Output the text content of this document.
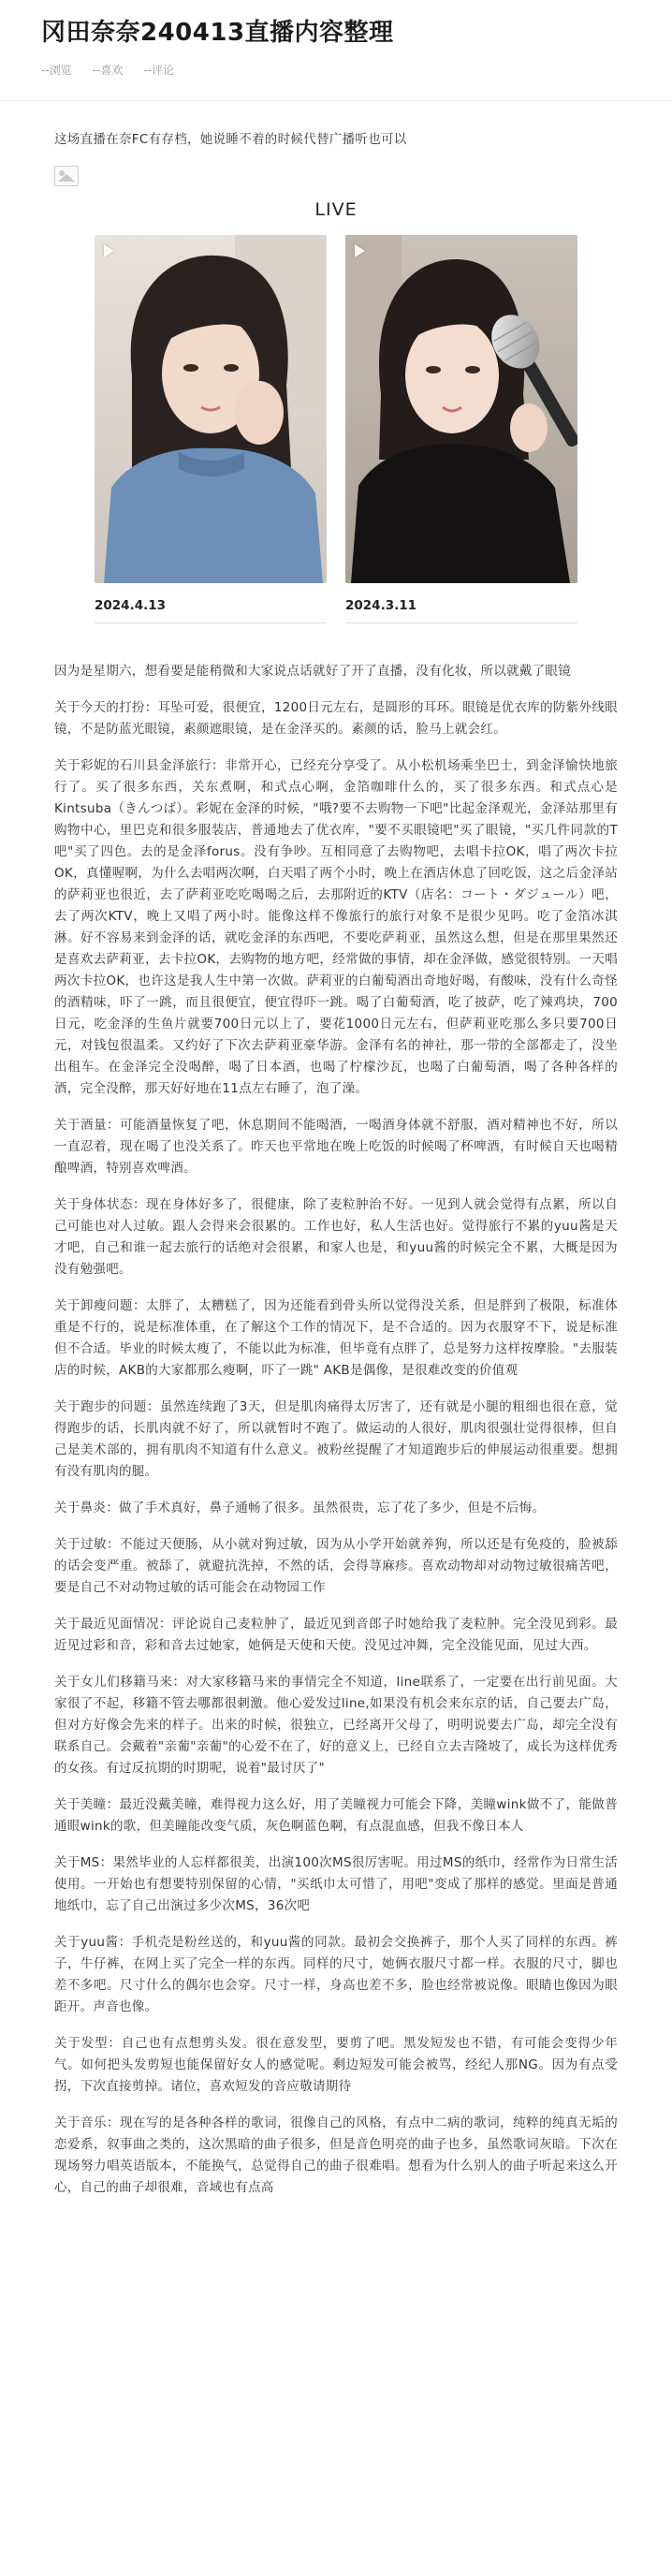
冈田奈奈240413直播内容整理
--浏览 --喜欢 --评论

这场直播在奈FC有存档，她说睡不着的时候代替广播听也可以

LIVE
2024.4.13	2024.3.11

因为是星期六，想看要是能稍微和大家说点话就好了开了直播，没有化妆，所以就戴了眼镜

关于今天的打扮：耳坠可爱，很便宜，1200日元左右，是圆形的耳环。眼镜是优衣库的防紫外线眼镜，不是防蓝光眼镜，素颜遮眼镜，是在金泽买的。素颜的话，脸马上就会红。

关于彩妮的石川县金泽旅行：非常开心，已经充分享受了。从小松机场乘坐巴士，到金泽愉快地旅行了。买了很多东西，关东煮啊，和式点心啊，金箔咖啡什么的，买了很多东西。和式点心是Kintsuba（きんつば）。彩妮在金泽的时候，"哦?要不去购物一下吧"比起金泽观光，金泽站那里有购物中心，里巴克和很多服装店，普通地去了优衣库，"要不买眼镜吧"买了眼镜，"买几件同款的T吧"买了四色。去的是金泽forus。没有争吵。互相同意了去购物吧，去唱卡拉OK，唱了两次卡拉OK，真懂喔啊，为什么去唱两次啊，白天唱了两个小时，晚上在酒店休息了回吃饭，这之后金泽站的萨莉亚也很近，去了萨莉亚吃吃喝喝之后，去那附近的KTV（店名：コート・ダジュール）吧，去了两次KTV，晚上又唱了两小时。能像这样不像旅行的旅行对象不是很少见吗。吃了金箔冰淇淋。好不容易来到金泽的话，就吃金泽的东西吧，不要吃萨莉亚，虽然这么想，但是在那里果然还是喜欢去萨莉亚，去卡拉OK，去购物的地方吧，经常做的事情，却在金泽做，感觉很特别。一天唱两次卡拉OK，也许这是我人生中第一次做。萨莉亚的白葡萄酒出奇地好喝，有酸味，没有什么奇怪的酒精味，吓了一跳，而且很便宜，便宜得吓一跳。喝了白葡萄酒，吃了披萨，吃了辣鸡块，700日元，吃金泽的生鱼片就要700日元以上了，要花1000日元左右，但萨莉亚吃那么多只要700日元，对钱包很温柔。又约好了下次去萨莉亚豪华游。金泽有名的神社，那一带的全部都走了，没坐出租车。在金泽完全没喝醉，喝了日本酒，也喝了柠檬沙瓦，也喝了白葡萄酒，喝了各种各样的酒，完全没醉，那天好好地在11点左右睡了，泡了澡。

关于酒量：可能酒量恢复了吧，休息期间不能喝酒，一喝酒身体就不舒服，酒对精神也不好，所以一直忍着，现在喝了也没关系了。昨天也平常地在晚上吃饭的时候喝了杯啤酒，有时候自天也喝精酿啤酒，特别喜欢啤酒。

关于身体状态：现在身体好多了，很健康，除了麦粒肿治不好。一见到人就会觉得有点累，所以自己可能也对人过敏。跟人会得来会很累的。工作也好，私人生活也好。觉得旅行不累的yuu酱是天才吧，自己和谁一起去旅行的话绝对会很累，和家人也是，和yuu酱的时候完全不累，大概是因为没有勉强吧。

关于卸瘦问题：太胖了，太糟糕了，因为还能看到骨头所以觉得没关系，但是胖到了极限，标准体重是不行的，说是标准体重，在了解这个工作的情况下，是不合适的。因为衣服穿不下，说是标准但不合适。毕业的时候太瘦了，不能以此为标准，但毕竟有点胖了，总是努力这样按摩脸。"去服装店的时候，AKB的大家都那么瘦啊，吓了一跳" AKB是偶像，是很难改变的价值观

关于跑步的问题：虽然连续跑了3天，但是肌肉痛得太厉害了，还有就是小腿的粗细也很在意，觉得跑步的话，长肌肉就不好了，所以就暂时不跑了。做运动的人很好，肌肉很强壮觉得很棒，但自己是美术部的，拥有肌肉不知道有什么意义。被粉丝提醒了才知道跑步后的伸展运动很重要。想拥有没有肌肉的腿。

关于鼻炎：做了手术真好，鼻子通畅了很多。虽然很贵，忘了花了多少，但是不后悔。

关于过敏：不能过天便肠，从小就对狗过敏，因为从小学开始就养狗，所以还是有免疫的，脸被舔的话会变严重。被舔了，就避抗洗掉，不然的话，会得荨麻疹。喜欢动物却对动物过敏很痛苦吧，要是自己不对动物过敏的话可能会在动物园工作

关于最近见面情况：评论说自己麦粒肿了，最近见到音郎子时她给我了麦粒肿。完全没见到彩。最近见过彩和音，彩和音去过她家，她俩是天使和天使。没见过冲舞，完全没能见面，见过大西。

关于女儿们移籍马来：对大家移籍马来的事情完全不知道，line联系了，一定要在出行前见面。大家很了不起，移籍不管去哪都很刺激。他心爱发过line,如果没有机会来东京的话，自己要去广岛，但对方好像会先来的样子。出来的时候，很独立，已经离开父母了，明明说要去广岛，却完全没有联系自己。会戴着"亲葡"亲葡"的心爱不在了，好的意义上，已经自立去吉隆坡了，成长为这样优秀的女孩。有过反抗期的时期呢，说着"最讨厌了"

关于美瞳：最近没戴美瞳，难得视力这么好，用了美瞳视力可能会下降，美瞳wink做不了，能做普通眼wink的歌，但美瞳能改变气质，灰色啊蓝色啊，有点混血感，但我不像日本人

关于MS：果然毕业的人忘样都很美，出演100次MS很厉害呢。用过MS的纸巾，经常作为日常生活使用。一开始也有想要特别保留的心情，"买纸巾太可惜了，用吧"变成了那样的感觉。里面是普通地纸巾，忘了自己出演过多少次MS，36次吧

关于yuu酱：手机壳是粉丝送的，和yuu酱的同款。最初会交换裤子，那个人买了同样的东西。裤子，牛仔裤，在网上买了完全一样的东西。同样的尺寸，她俩衣服尺寸都一样。衣服的尺寸，脚也差不多吧。尺寸什么的偶尔也会穿。尺寸一样，身高也差不多，脸也经常被说像。眼睛也像因为眼距开。声音也像。

关于发型：自己也有点想剪头发。很在意发型，要剪了吧。黑发短发也不错，有可能会变得少年气。如何把头发剪短也能保留好女人的感觉呢。剩边短发可能会被骂，经纪人那NG。因为有点受拐，下次直接剪掉。诸位，喜欢短发的音应敬请期待

关于音乐：现在写的是各种各样的歌词，很像自己的风格，有点中二病的歌词，纯粹的纯真无垢的恋爱系，叙事曲之类的，这次黑暗的曲子很多，但是音色明亮的曲子也多，虽然歌词灰暗。下次在现场努力唱英语版本，不能换气，总觉得自己的曲子很难唱。想看为什么别人的曲子听起来这么开心，自己的曲子却很难，音域也有点高
